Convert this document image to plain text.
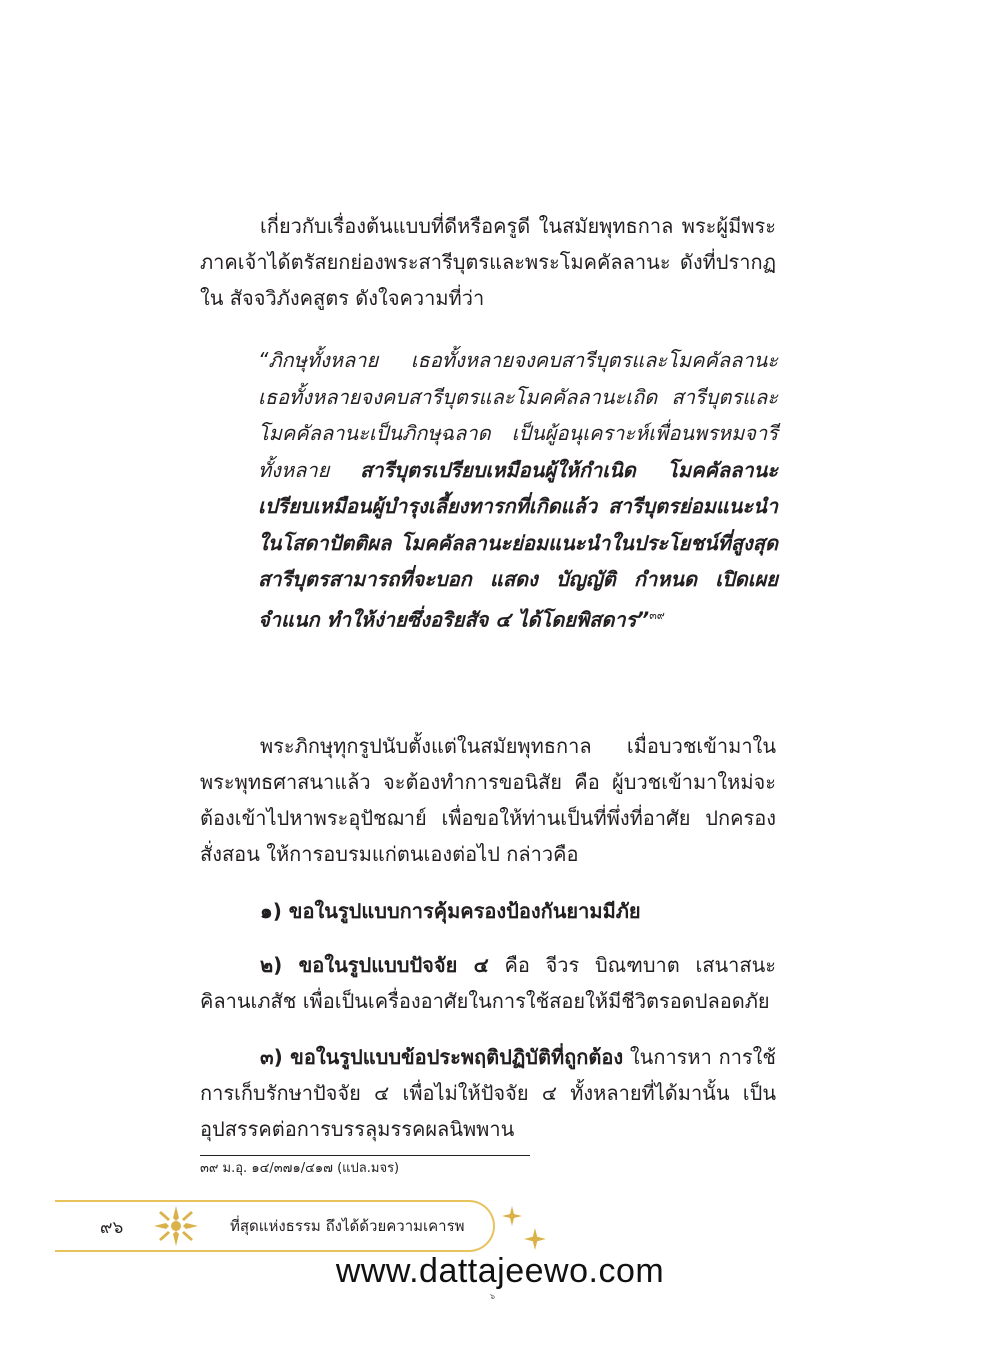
เกี่ยวกับเรื่องต้นแบบที่ดีหรือครูดี ในสมัยพุทธกาล พระผู้มีพระภาคเจ้าได้ตรัสยกย่องพระสารีบุตรและพระโมคคัลลานะ ดังที่ปรากฏใน สัจจวิภังคสูตร ดังใจความที่ว่า

“ภิกษุทั้งหลาย เธอทั้งหลายจงคบสารีบุตรและโมคคัลลานะ เธอทั้งหลายจงคบสารีบุตรและโมคคัลลานะเถิด สารีบุตรและโมคคัลลานะเป็นภิกษุฉลาด เป็นผู้อนุเคราะห์เพื่อนพรหมจารีทั้งหลาย สารีบุตรเปรียบเหมือนผู้ให้กำเนิด โมคคัลลานะเปรียบเหมือนผู้บำรุงเลี้ยงทารกที่เกิดแล้ว สารีบุตรย่อมแนะนำในโสดาปัตติผล โมคคัลลานะย่อมแนะนำในประโยชน์ที่สูงสุด สารีบุตรสามารถที่จะบอก แสดง บัญญัติ กำหนด เปิดเผย จำแนก ทำให้ง่ายซึ่งอริยสัจ ๔ ได้โดยพิสดาร”$^{๓๙}$

พระภิกษุทุกรูปนับตั้งแต่ในสมัยพุทธกาล เมื่อบวชเข้ามาในพระพุทธศาสนาแล้ว จะต้องทำการขอนิสัย คือ ผู้บวชเข้ามาใหม่จะต้องเข้าไปหาพระอุปัชฌาย์ เพื่อขอให้ท่านเป็นที่พึ่งที่อาศัย ปกครอง สั่งสอน ให้การอบรมแก่ตนเองต่อไป กล่าวคือ

๑) ขอในรูปแบบการคุ้มครองป้องกันยามมีภัย

๒) ขอในรูปแบบปัจจัย ๔ คือ จีวร บิณฑบาต เสนาสนะ คิลานเภสัช เพื่อเป็นเครื่องอาศัยในการใช้สอยให้มีชีวิตรอดปลอดภัย

๓) ขอในรูปแบบข้อประพฤติปฏิบัติที่ถูกต้อง ในการหา การใช้ การเก็บรักษาปัจจัย ๔ เพื่อไม่ให้ปัจจัย ๔ ทั้งหลายที่ได้มานั้น เป็นอุปสรรคต่อการบรรลุมรรคผลนิพพาน

๓๙ ม.อุ. ๑๔/๓๗๑/๔๑๗ (แปล.มจร)
๙๖	ที่สุดแห่งธรรม ถึงได้ด้วยความเคารพ
www.dattajeewo.com
๖
